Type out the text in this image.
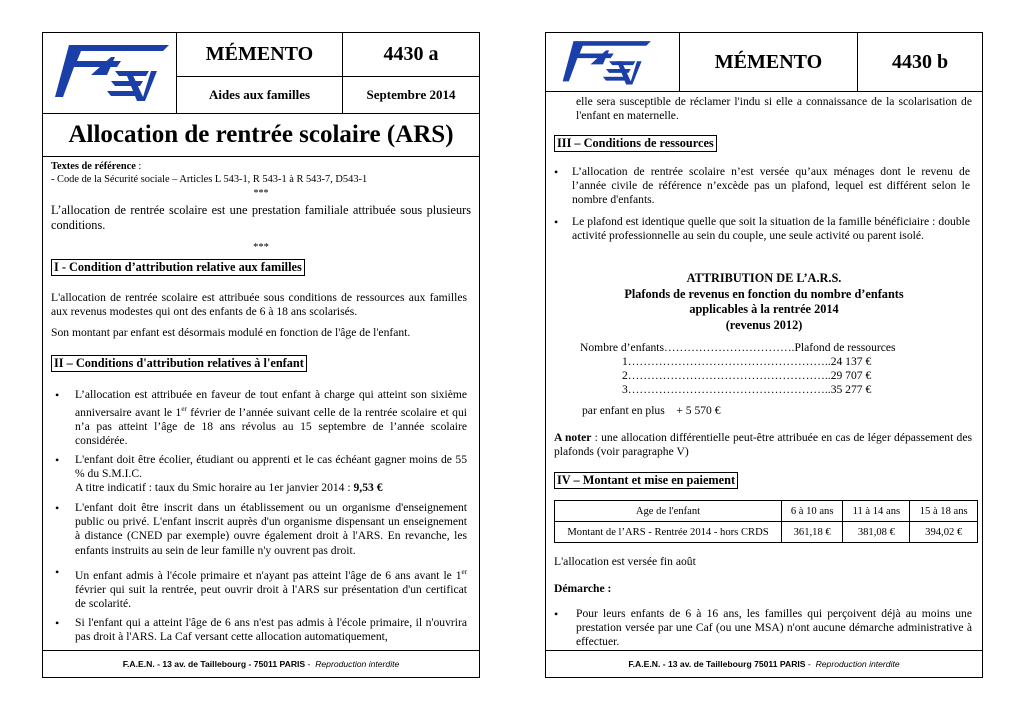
MÉMENTO	4430 a
Aides aux familles	Septembre 2014
Allocation de rentrée scolaire (ARS)
Textes de référence :
- Code de la Sécurité sociale – Articles L 543-1, R 543-1 à R 543-7, D543-1
***
L’allocation de rentrée scolaire est une prestation familiale attribuée sous plusieurs conditions.
***
I - Condition d’attribution relative aux familles
L'allocation de rentrée scolaire est attribuée sous conditions de ressources aux familles aux revenus modestes qui ont des enfants de 6 à 18 ans scolarisés.
Son montant par enfant est désormais modulé en fonction de l'âge de l'enfant.
II – Conditions d'attribution relatives à l'enfant
• L’allocation est attribuée en faveur de tout enfant à charge qui atteint son sixième anniversaire avant le 1er février de l’année suivant celle de la rentrée scolaire et qui n’a pas atteint l’âge de 18 ans révolus au 15 septembre de l’année scolaire considérée.
• L'enfant doit être écolier, étudiant ou apprenti et le cas échéant gagner moins de 55 % du S.M.I.C.
A titre indicatif : taux du Smic horaire au 1er janvier 2014 : 9,53 €
• L'enfant doit être inscrit dans un établissement ou un organisme d'enseignement public ou privé. L'enfant inscrit auprès d'un organisme dispensant un enseignement à distance (CNED par exemple) ouvre également droit à l'ARS. En revanche, les enfants instruits au sein de leur famille n'y ouvrent pas droit.
• Un enfant admis à l'école primaire et n'ayant pas atteint l'âge de 6 ans avant le 1er février qui suit la rentrée, peut ouvrir droit à l'ARS sur présentation d'un certificat de scolarité.
• Si l'enfant qui a atteint l'âge de 6 ans n'est pas admis à l'école primaire, il n'ouvrira pas droit à l'ARS. La Caf versant cette allocation automatiquement,
F.A.E.N. - 13 av. de Taillebourg - 75011 PARIS - Reproduction interdite
MÉMENTO	4430 b
elle sera susceptible de réclamer l'indu si elle a connaissance de la scolarisation de l'enfant en maternelle.
III – Conditions de ressources
• L’allocation de rentrée scolaire n’est versée qu’aux ménages dont le revenu de l’année civile de référence n’excède pas un plafond, lequel est différent selon le nombre d'enfants.
• Le plafond est identique quelle que soit la situation de la famille bénéficiaire : double activité professionnelle au sein du couple, une seule activité ou parent isolé.
ATTRIBUTION DE L’A.R.S.
Plafonds de revenus en fonction du nombre d’enfants
applicables à la rentrée 2014
(revenus 2012)
Nombre d’enfants…………………………….Plafond de ressources
1……………………………………………..24 137 €
2……………………………………………..29 707 €
3……………………………………………..35 277 €
par enfant en plus    + 5 570 €
A noter : une allocation différentielle peut-être attribuée en cas de léger dépassement des plafonds (voir paragraphe V)
IV – Montant et mise en paiement
Age de l'enfant	6 à 10 ans	11 à 14 ans	15 à 18 ans
Montant de l’ARS - Rentrée 2014 - hors CRDS	361,18 €	381,08 €	394,02 €
L'allocation est versée fin août
Démarche :
• Pour leurs enfants de 6 à 16 ans, les familles qui perçoivent déjà au moins une prestation versée par une Caf (ou une MSA) n'ont aucune démarche administrative à effectuer.
F.A.E.N. - 13 av. de Taillebourg 75011 PARIS - Reproduction interdite
